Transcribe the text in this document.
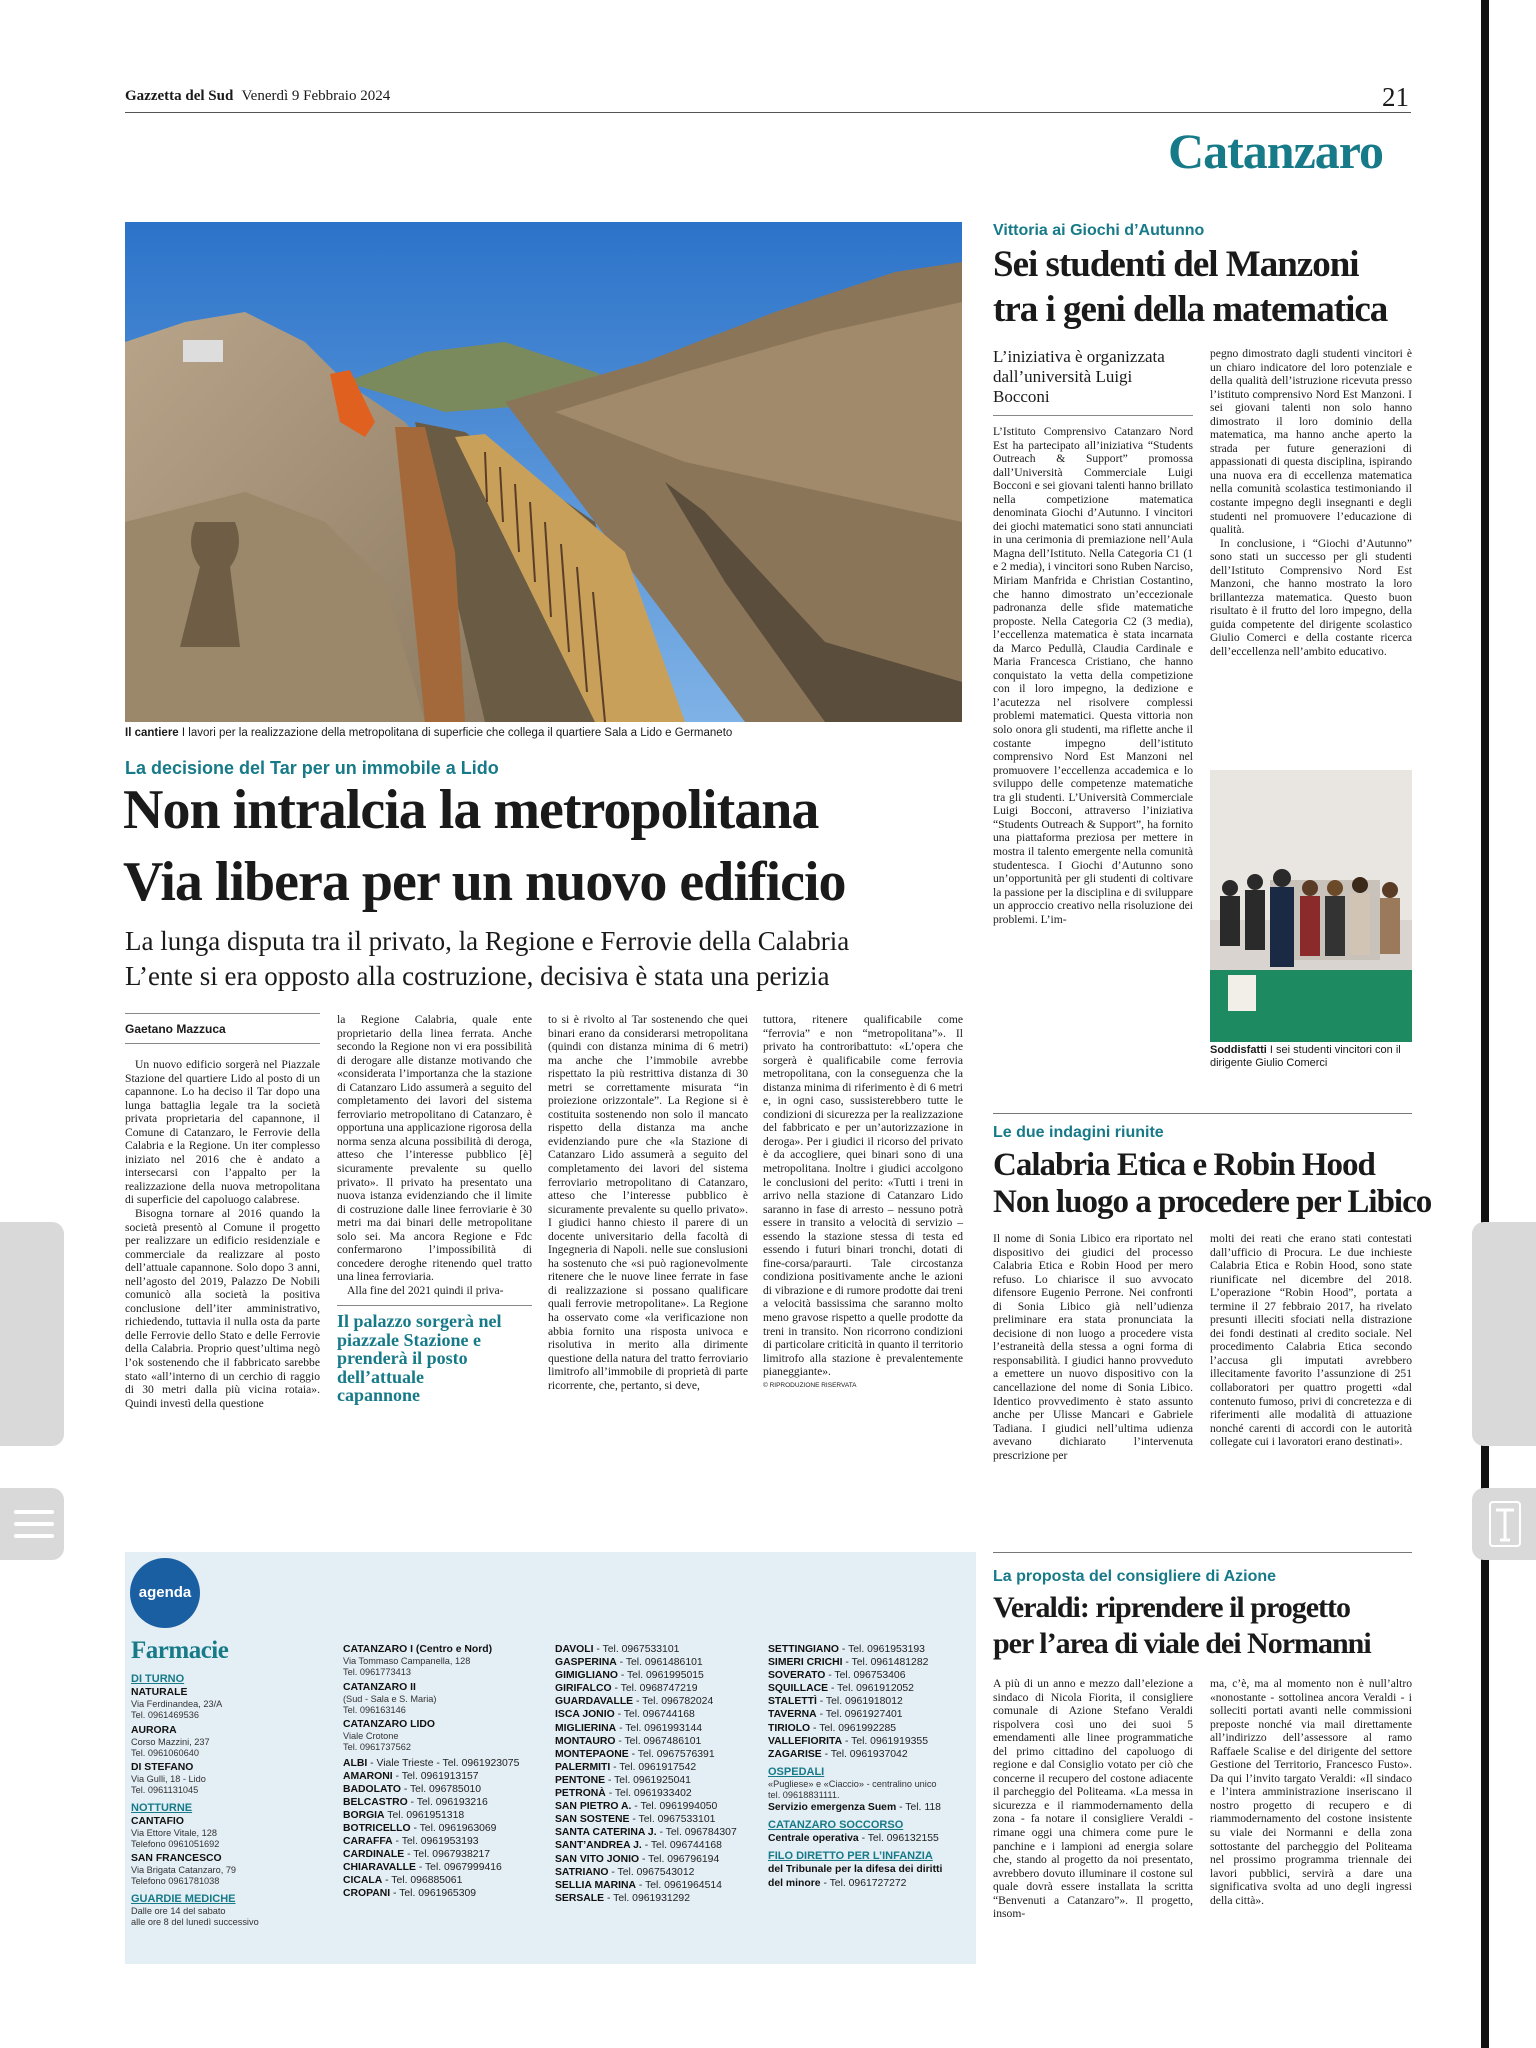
Gazzetta del Sud Venerdì 9 Febbraio 2024	21
Catanzaro
Il cantiere I lavori per la realizzazione della metropolitana di superficie che collega il quartiere Sala a Lido e Germaneto
La decisione del Tar per un immobile a Lido
Non intralcia la metropolitana
Via libera per un nuovo edificio
La lunga disputa tra il privato, la Regione e Ferrovie della Calabria
L’ente si era opposto alla costruzione, decisiva è stata una perizia
Gaetano Mazzuca

Un nuovo edificio sorgerà nel Piazzale Stazione del quartiere Lido al posto di un capannone. Lo ha deciso il Tar dopo una lunga battaglia legale tra la società privata proprietaria del capannone, il Comune di Catanzaro, le Ferrovie della Calabria e la Regione. Un iter complesso iniziato nel 2016 che è andato a intersecarsi con l’appalto per la realizzazione della nuova metropolitana di superficie del capoluogo calabrese.

Bisogna tornare al 2016 quando la società presentò al Comune il progetto per realizzare un edificio residenziale e commerciale da realizzare al posto dell’attuale capannone. Solo dopo 3 anni, nell’agosto del 2019, Palazzo De Nobili comunicò alla società la positiva conclusione dell’iter amministrativo, richiedendo, tuttavia il nulla osta da parte delle Ferrovie dello Stato e delle Ferrovie della Calabria. Proprio quest’ultima negò l’ok sostenendo che il fabbricato sarebbe stato «all’interno di un cerchio di raggio di 30 metri dalla più vicina rotaia». Quindi investì della questione

la Regione Calabria, quale ente proprietario della linea ferrata. Anche secondo la Regione non vi era possibilità di derogare alle distanze motivando che «considerata l’importanza che la stazione di Catanzaro Lido assumerà a seguito del completamento dei lavori del sistema ferroviario metropolitano di Catanzaro, è opportuna una applicazione rigorosa della norma senza alcuna possibilità di deroga, atteso che l’interesse pubblico [è] sicuramente prevalente su quello privato». Il privato ha presentato una nuova istanza evidenziando che il limite di costruzione dalle linee ferroviarie è 30 metri ma dai binari delle metropolitane solo sei. Ma ancora Regione e Fdc confermarono l’impossibilità di concedere deroghe ritenendo quel tratto una linea ferroviaria.

Alla fine del 2021 quindi il priva-

Il palazzo sorgerà nel piazzale Stazione e prenderà il posto dell’attuale capannone

to si è rivolto al Tar sostenendo che quei binari erano da considerarsi metropolitana (quindi con distanza minima di 6 metri) ma anche che l’immobile avrebbe rispettato la più restrittiva distanza di 30 metri se correttamente misurata “in proiezione orizzontale”. La Regione si è costituita sostenendo non solo il mancato rispetto della distanza ma anche evidenziando pure che «la Stazione di Catanzaro Lido assumerà a seguito del completamento dei lavori del sistema ferroviario metropolitano di Catanzaro, atteso che l’interesse pubblico è sicuramente prevalente su quello privato». I giudici hanno chiesto il parere di un docente universitario della facoltà di Ingegneria di Napoli. nelle sue conslusioni ha sostenuto che «si può ragionevolmente ritenere che le nuove linee ferrate in fase di realizzazione si possano qualificare quali ferrovie metropolitane». La Regione ha osservato come «la verificazione non abbia fornito una risposta univoca e risolutiva in merito alla dirimente questione della natura del tratto ferroviario limitrofo all’immobile di proprietà di parte ricorrente, che, pertanto, si deve,

tuttora, ritenere qualificabile come “ferrovia” e non “metropolitana”». Il privato ha controribattuto: «L’opera che sorgerà è qualificabile come ferrovia metropolitana, con la conseguenza che la distanza minima di riferimento è di 6 metri e, in ogni caso, sussisterebbero tutte le condizioni di sicurezza per la realizzazione del fabbricato e per un’autorizzazione in deroga». Per i giudici il ricorso del privato è da accogliere, quei binari sono di una metropolitana. Inoltre i giudici accolgono le conclusioni del perito: «Tutti i treni in arrivo nella stazione di Catanzaro Lido saranno in fase di arresto – nessuno potrà essere in transito a velocità di servizio – essendo la stazione stessa di testa ed essendo i futuri binari tronchi, dotati di fine-corsa/paraurti. Tale circostanza condiziona positivamente anche le azioni di vibrazione e di rumore prodotte dai treni a velocità bassissima che saranno molto meno gravose rispetto a quelle prodotte da treni in transito. Non ricorrono condizioni di particolare criticità in quanto il territorio limitrofo alla stazione è prevalentemente pianeggiante».

© RIPRODUZIONE RISERVATA
Vittoria ai Giochi d’Autunno
Sei studenti del Manzoni
tra i geni della matematica
L’iniziativa è organizzata dall’università Luigi Bocconi

L’Istituto Comprensivo Catanzaro Nord Est ha partecipato all’iniziativa “Students Outreach & Support” promossa dall’Università Commerciale Luigi Bocconi e sei giovani talenti hanno brillato nella competizione matematica denominata Giochi d’Autunno. I vincitori dei giochi matematici sono stati annunciati in una cerimonia di premiazione nell’Aula Magna dell’Istituto. Nella Categoria C1 (1 e 2 media), i vincitori sono Ruben Narciso, Miriam Manfrida e Christian Costantino, che hanno dimostrato un’eccezionale padronanza delle sfide matematiche proposte. Nella Categoria C2 (3 media), l’eccellenza matematica è stata incarnata da Marco Pedullà, Claudia Cardinale e Maria Francesca Cristiano, che hanno conquistato la vetta della competizione con il loro impegno, la dedizione e l’acutezza nel risolvere complessi problemi matematici. Questa vittoria non solo onora gli studenti, ma riflette anche il costante impegno dell’istituto comprensivo Nord Est Manzoni nel promuovere l’eccellenza accademica e lo sviluppo delle competenze matematiche tra gli studenti. L’Università Commerciale Luigi Bocconi, attraverso l’iniziativa “Students Outreach & Support”, ha fornito una piattaforma preziosa per mettere in mostra il talento emergente nella comunità studentesca. I Giochi d’Autunno sono un’opportunità per gli studenti di coltivare la passione per la disciplina e di sviluppare un approccio creativo nella risoluzione dei problemi. L’im-

pegno dimostrato dagli studenti vincitori è un chiaro indicatore del loro potenziale e della qualità dell’istruzione ricevuta presso l’istituto comprensivo Nord Est Manzoni. I sei giovani talenti non solo hanno dimostrato il loro dominio della matematica, ma hanno anche aperto la strada per future generazioni di appassionati di questa disciplina, ispirando una nuova era di eccellenza matematica nella comunità scolastica testimoniando il costante impegno degli insegnanti e degli studenti nel promuovere l’educazione di qualità.

In conclusione, i “Giochi d’Autunno” sono stati un successo per gli studenti dell’Istituto Comprensivo Nord Est Manzoni, che hanno mostrato la loro brillantezza matematica. Questo buon risultato è il frutto del loro impegno, della guida competente del dirigente scolastico Giulio Comerci e della costante ricerca dell’eccellenza nell’ambito educativo.

Soddisfatti I sei studenti vincitori con il dirigente Giulio Comerci
Le due indagini riunite
Calabria Etica e Robin Hood
Non luogo a procedere per Libico

Il nome di Sonia Libico era riportato nel dispositivo dei giudici del processo Calabria Etica e Robin Hood per mero refuso. Lo chiarisce il suo avvocato difensore Eugenio Perrone. Nei confronti di Sonia Libico già nell’udienza preliminare era stata pronunciata la decisione di non luogo a procedere vista l’estraneità della stessa a ogni forma di responsabilità. I giudici hanno provveduto a emettere un nuovo dispositivo con la cancellazione del nome di Sonia Libico. Identico provvedimento è stato assunto anche per Ulisse Mancari e Gabriele Tadiana. I giudici nell’ultima udienza avevano dichiarato l’intervenuta prescrizione per

molti dei reati che erano stati contestati dall’ufficio di Procura. Le due inchieste Calabria Etica e Robin Hood, sono state riunificate nel dicembre del 2018. L’operazione “Robin Hood”, portata a termine il 27 febbraio 2017, ha rivelato presunti illeciti sfociati nella distrazione dei fondi destinati al credito sociale. Nel procedimento Calabria Etica secondo l’accusa gli imputati avrebbero illecitamente favorito l’assunzione di 251 collaboratori per quattro progetti «dal contenuto fumoso, privi di concretezza e di riferimenti alle modalità di attuazione nonché carenti di accordi con le autorità collegate cui i lavoratori erano destinati».

La proposta del consigliere di Azione
Veraldi: riprendere il progetto
per l’area di viale dei Normanni

A più di un anno e mezzo dall’elezione a sindaco di Nicola Fiorita, il consigliere comunale di Azione Stefano Veraldi rispolvera così uno dei suoi 5 emendamenti alle linee programmatiche del primo cittadino del capoluogo di regione e dal Consiglio votato per ciò che concerne il recupero del costone adiacente il parcheggio del Politeama. «La messa in sicurezza e il riammodernamento della zona - fa notare il consigliere Veraldi - rimane oggi una chimera come pure le panchine e i lampioni ad energia solare che, stando al progetto da noi presentato, avrebbero dovuto illuminare il costone sul quale dovrà essere installata la scritta “Benvenuti a Catanzaro”». Il progetto, insom-

ma, c’è, ma al momento non è null’altro «nonostante - sottolinea ancora Veraldi - i solleciti portati avanti nelle commissioni preposte nonché via mail direttamente all’indirizzo dell’assessore al ramo Raffaele Scalise e del dirigente del settore Gestione del Territorio, Francesco Fusto». Da qui l’invito targato Veraldi: «Il sindaco e l’intera amministrazione inseriscano il nostro progetto di recupero e di riammodernamento del costone insistente su viale dei Normanni e della zona sottostante del parcheggio del Politeama nel prossimo programma triennale dei lavori pubblici, servirà a dare una significativa svolta ad uno degli ingressi della città».

agenda
Farmacie
DI TURNO
NATURALE
Via Ferdinandea, 23/A
Tel. 0961469536
AURORA
Corso Mazzini, 237
Tel. 0961060640
DI STEFANO
Via Gulli, 18 - Lido
Tel. 0961131045
NOTTURNE
CANTAFIO
Via Ettore Vitale, 128
Telefono 0961051692
SAN FRANCESCO
Via Brigata Catanzaro, 79
Telefono 0961781038
GUARDIE MEDICHE
Dalle ore 14 del sabato
alle ore 8 del lunedì successivo
CATANZARO I (Centro e Nord)
Via Tommaso Campanella, 128
Tel. 0961773413
CATANZARO II
(Sud - Sala e S. Maria)
Tel. 096163146
CATANZARO LIDO
Viale Crotone
Tel. 0961737562
ALBI - Viale Trieste - Tel. 0961923075
AMARONI - Tel. 0961913157
BADOLATO - Tel. 096785010
BELCASTRO - Tel. 096193216
BORGIA Tel. 0961951318
BOTRICELLO - Tel. 0961963069
CARAFFA - Tel. 0961953193
CARDINALE - Tel. 0967938217
CHIARAVALLE - Tel. 0967999416
CICALA - Tel. 096885061
CROPANI - Tel. 0961965309
DAVOLI - Tel. 0967533101
GASPERINA - Tel. 0961486101
GIMIGLIANO - Tel. 0961995015
GIRIFALCO - Tel. 0968747219
GUARDAVALLE - Tel. 096782024
ISCA JONIO - Tel. 096744168
MIGLIERINA - Tel. 0961993144
MONTAURO - Tel. 0967486101
MONTEPAONE - Tel. 0967576391
PALERMITI - Tel. 0961917542
PENTONE - Tel. 0961925041
PETRONÀ - Tel. 0961933402
SAN PIETRO A. - Tel. 0961994050
SAN SOSTENE - Tel. 0967533101
SANTA CATERINA J. - Tel. 096784307
SANT’ANDREA J. - Tel. 096744168
SAN VITO JONIO - Tel. 096796194
SATRIANO - Tel. 0967543012
SELLIA MARINA - Tel. 0961964514
SERSALE - Tel. 0961931292
SETTINGIANO - Tel. 0961953193
SIMERI CRICHI - Tel. 0961481282
SOVERATO - Tel. 096753406
SQUILLACE - Tel. 0961912052
STALETTÌ - Tel. 0961918012
TAVERNA - Tel. 0961927401
TIRIOLO - Tel. 0961992285
VALLEFIORITA - Tel. 0961919355
ZAGARISE - Tel. 0961937042
OSPEDALI
«Pugliese» e «Ciaccio» - centralino unico
tel. 09618831111.
Servizio emergenza Suem - Tel. 118
CATANZARO SOCCORSO
Centrale operativa - Tel. 096132155
FILO DIRETTO PER L’INFANZIA
del Tribunale per la difesa dei diritti
del minore - Tel. 0961727272
